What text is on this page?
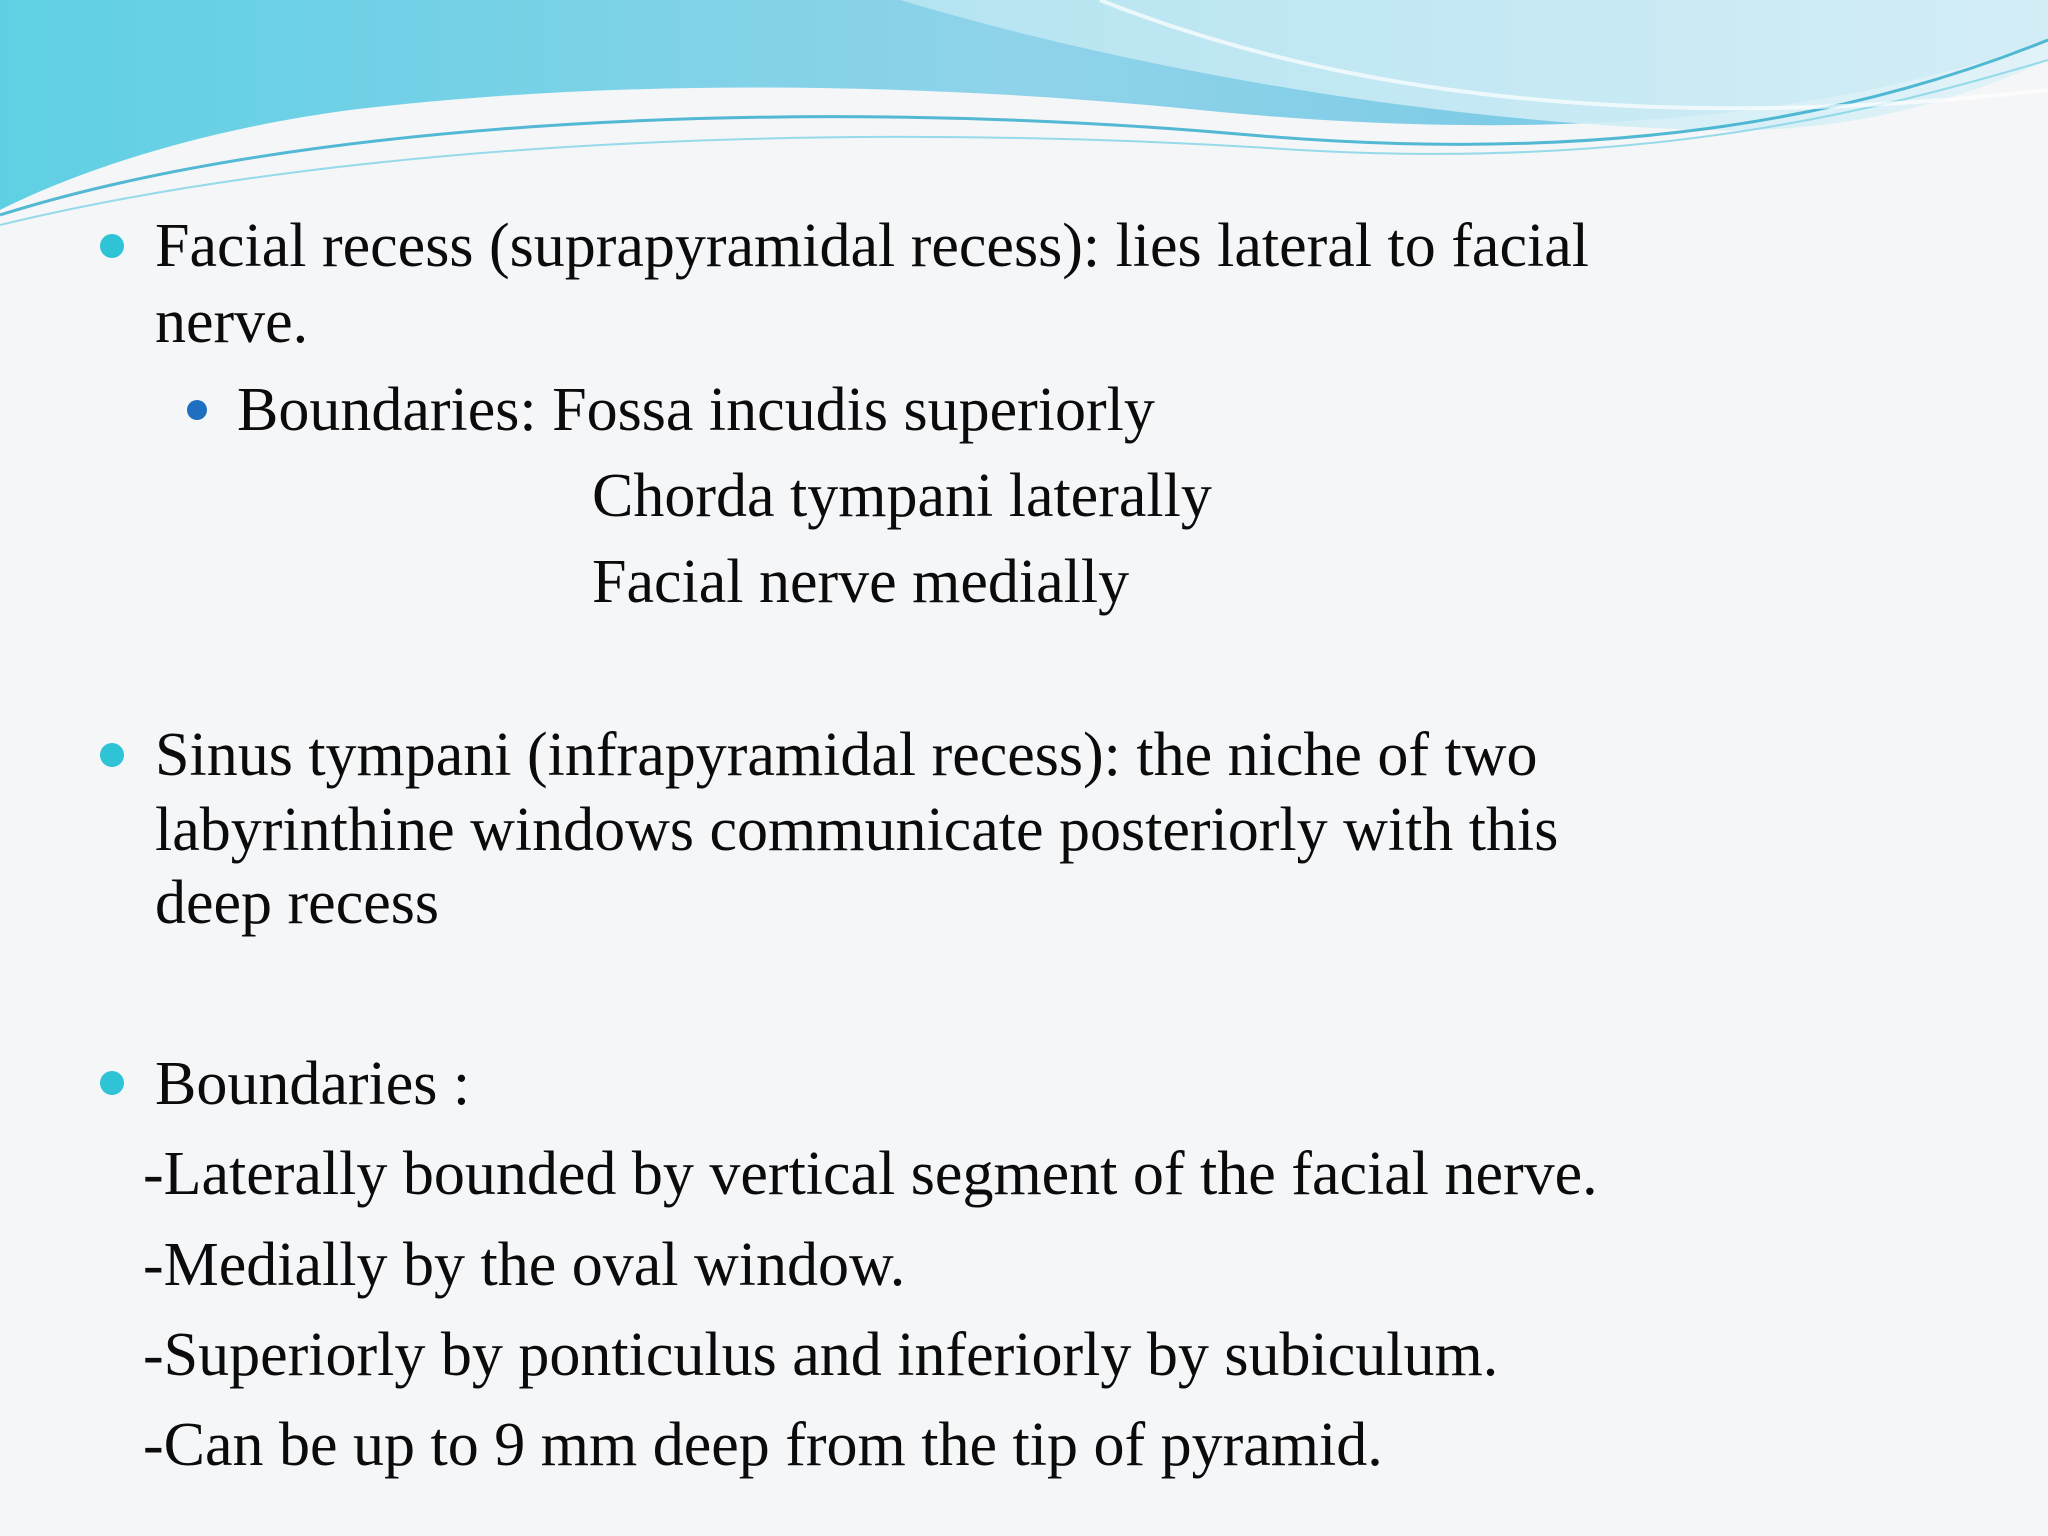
Facial recess (suprapyramidal recess): lies lateral to facial
nerve.
Boundaries: Fossa incudis superiorly
Chorda tympani laterally
Facial nerve medially
Sinus tympani (infrapyramidal recess): the niche of two
labyrinthine windows communicate posteriorly with this
deep recess
Boundaries :
-Laterally bounded by vertical segment of the facial nerve.
-Medially by the oval window.
-Superiorly by ponticulus and inferiorly by subiculum.
-Can be up to 9 mm deep from the tip of pyramid.
